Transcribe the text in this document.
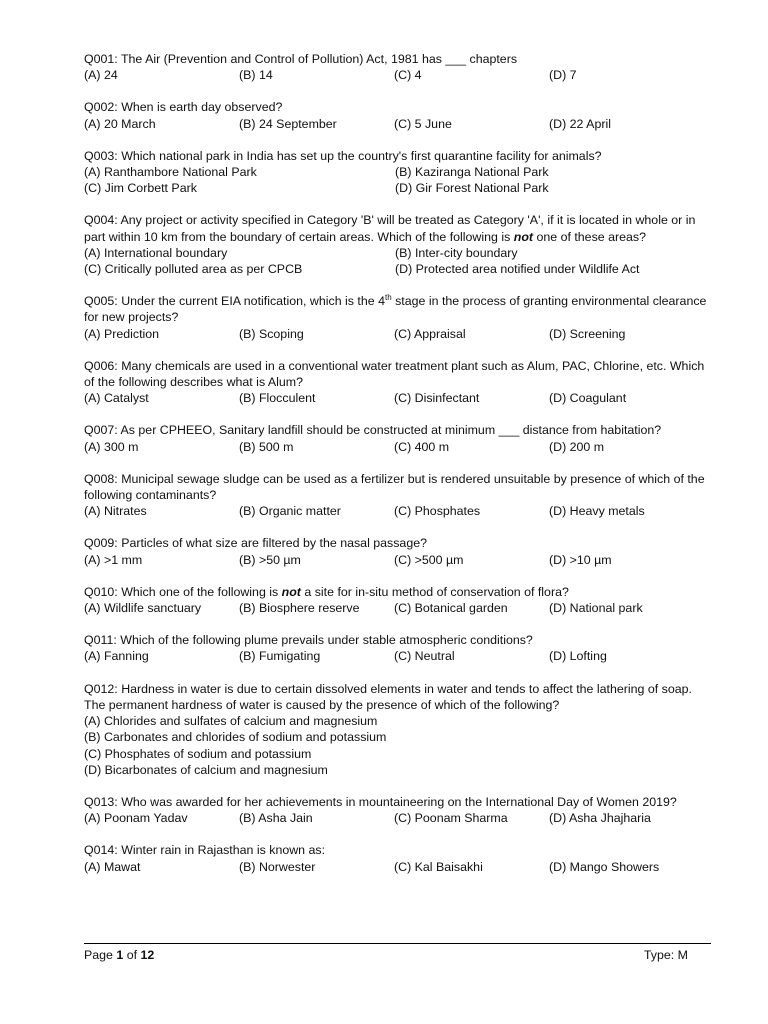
Q001: The Air (Prevention and Control of Pollution) Act, 1981 has ___ chapters
(A) 24	(B) 14	(C) 4	(D) 7
Q002: When is earth day observed?
(A) 20 March	(B) 24 September	(C) 5 June	(D) 22 April
Q003: Which national park in India has set up the country's first quarantine facility for animals?
(A) Ranthambore National Park	(B) Kaziranga National Park
(C) Jim Corbett Park	(D) Gir Forest National Park
Q004: Any project or activity specified in Category 'B' will be treated as Category 'A', if it is located in whole or in part within 10 km from the boundary of certain areas. Which of the following is not one of these areas?
(A) International boundary	(B) Inter-city boundary
(C) Critically polluted area as per CPCB	(D) Protected area notified under Wildlife Act
Q005: Under the current EIA notification, which is the 4th stage in the process of granting environmental clearance for new projects?
(A) Prediction	(B) Scoping	(C) Appraisal	(D) Screening
Q006: Many chemicals are used in a conventional water treatment plant such as Alum, PAC, Chlorine, etc. Which of the following describes what is Alum?
(A) Catalyst	(B) Flocculent	(C) Disinfectant	(D) Coagulant
Q007: As per CPHEEO, Sanitary landfill should be constructed at minimum ___ distance from habitation?
(A) 300 m	(B) 500 m	(C) 400 m	(D) 200 m
Q008: Municipal sewage sludge can be used as a fertilizer but is rendered unsuitable by presence of which of the following contaminants?
(A) Nitrates	(B) Organic matter	(C) Phosphates	(D) Heavy metals
Q009: Particles of what size are filtered by the nasal passage?
(A) >1 mm	(B) >50 µm	(C) >500 µm	(D) >10 µm
Q010: Which one of the following is not a site for in-situ method of conservation of flora?
(A) Wildlife sanctuary	(B) Biosphere reserve	(C) Botanical garden	(D) National park
Q011: Which of the following plume prevails under stable atmospheric conditions?
(A) Fanning	(B) Fumigating	(C) Neutral	(D) Lofting
Q012: Hardness in water is due to certain dissolved elements in water and tends to affect the lathering of soap. The permanent hardness of water is caused by the presence of which of the following?
(A) Chlorides and sulfates of calcium and magnesium
(B) Carbonates and chlorides of sodium and potassium
(C) Phosphates of sodium and potassium
(D) Bicarbonates of calcium and magnesium
Q013: Who was awarded for her achievements in mountaineering on the International Day of Women 2019?
(A) Poonam Yadav	(B) Asha Jain	(C) Poonam Sharma	(D) Asha Jhajharia
Q014: Winter rain in Rajasthan is known as:
(A) Mawat	(B) Norwester	(C) Kal Baisakhi	(D) Mango Showers
Page 1 of 12	Type: M
